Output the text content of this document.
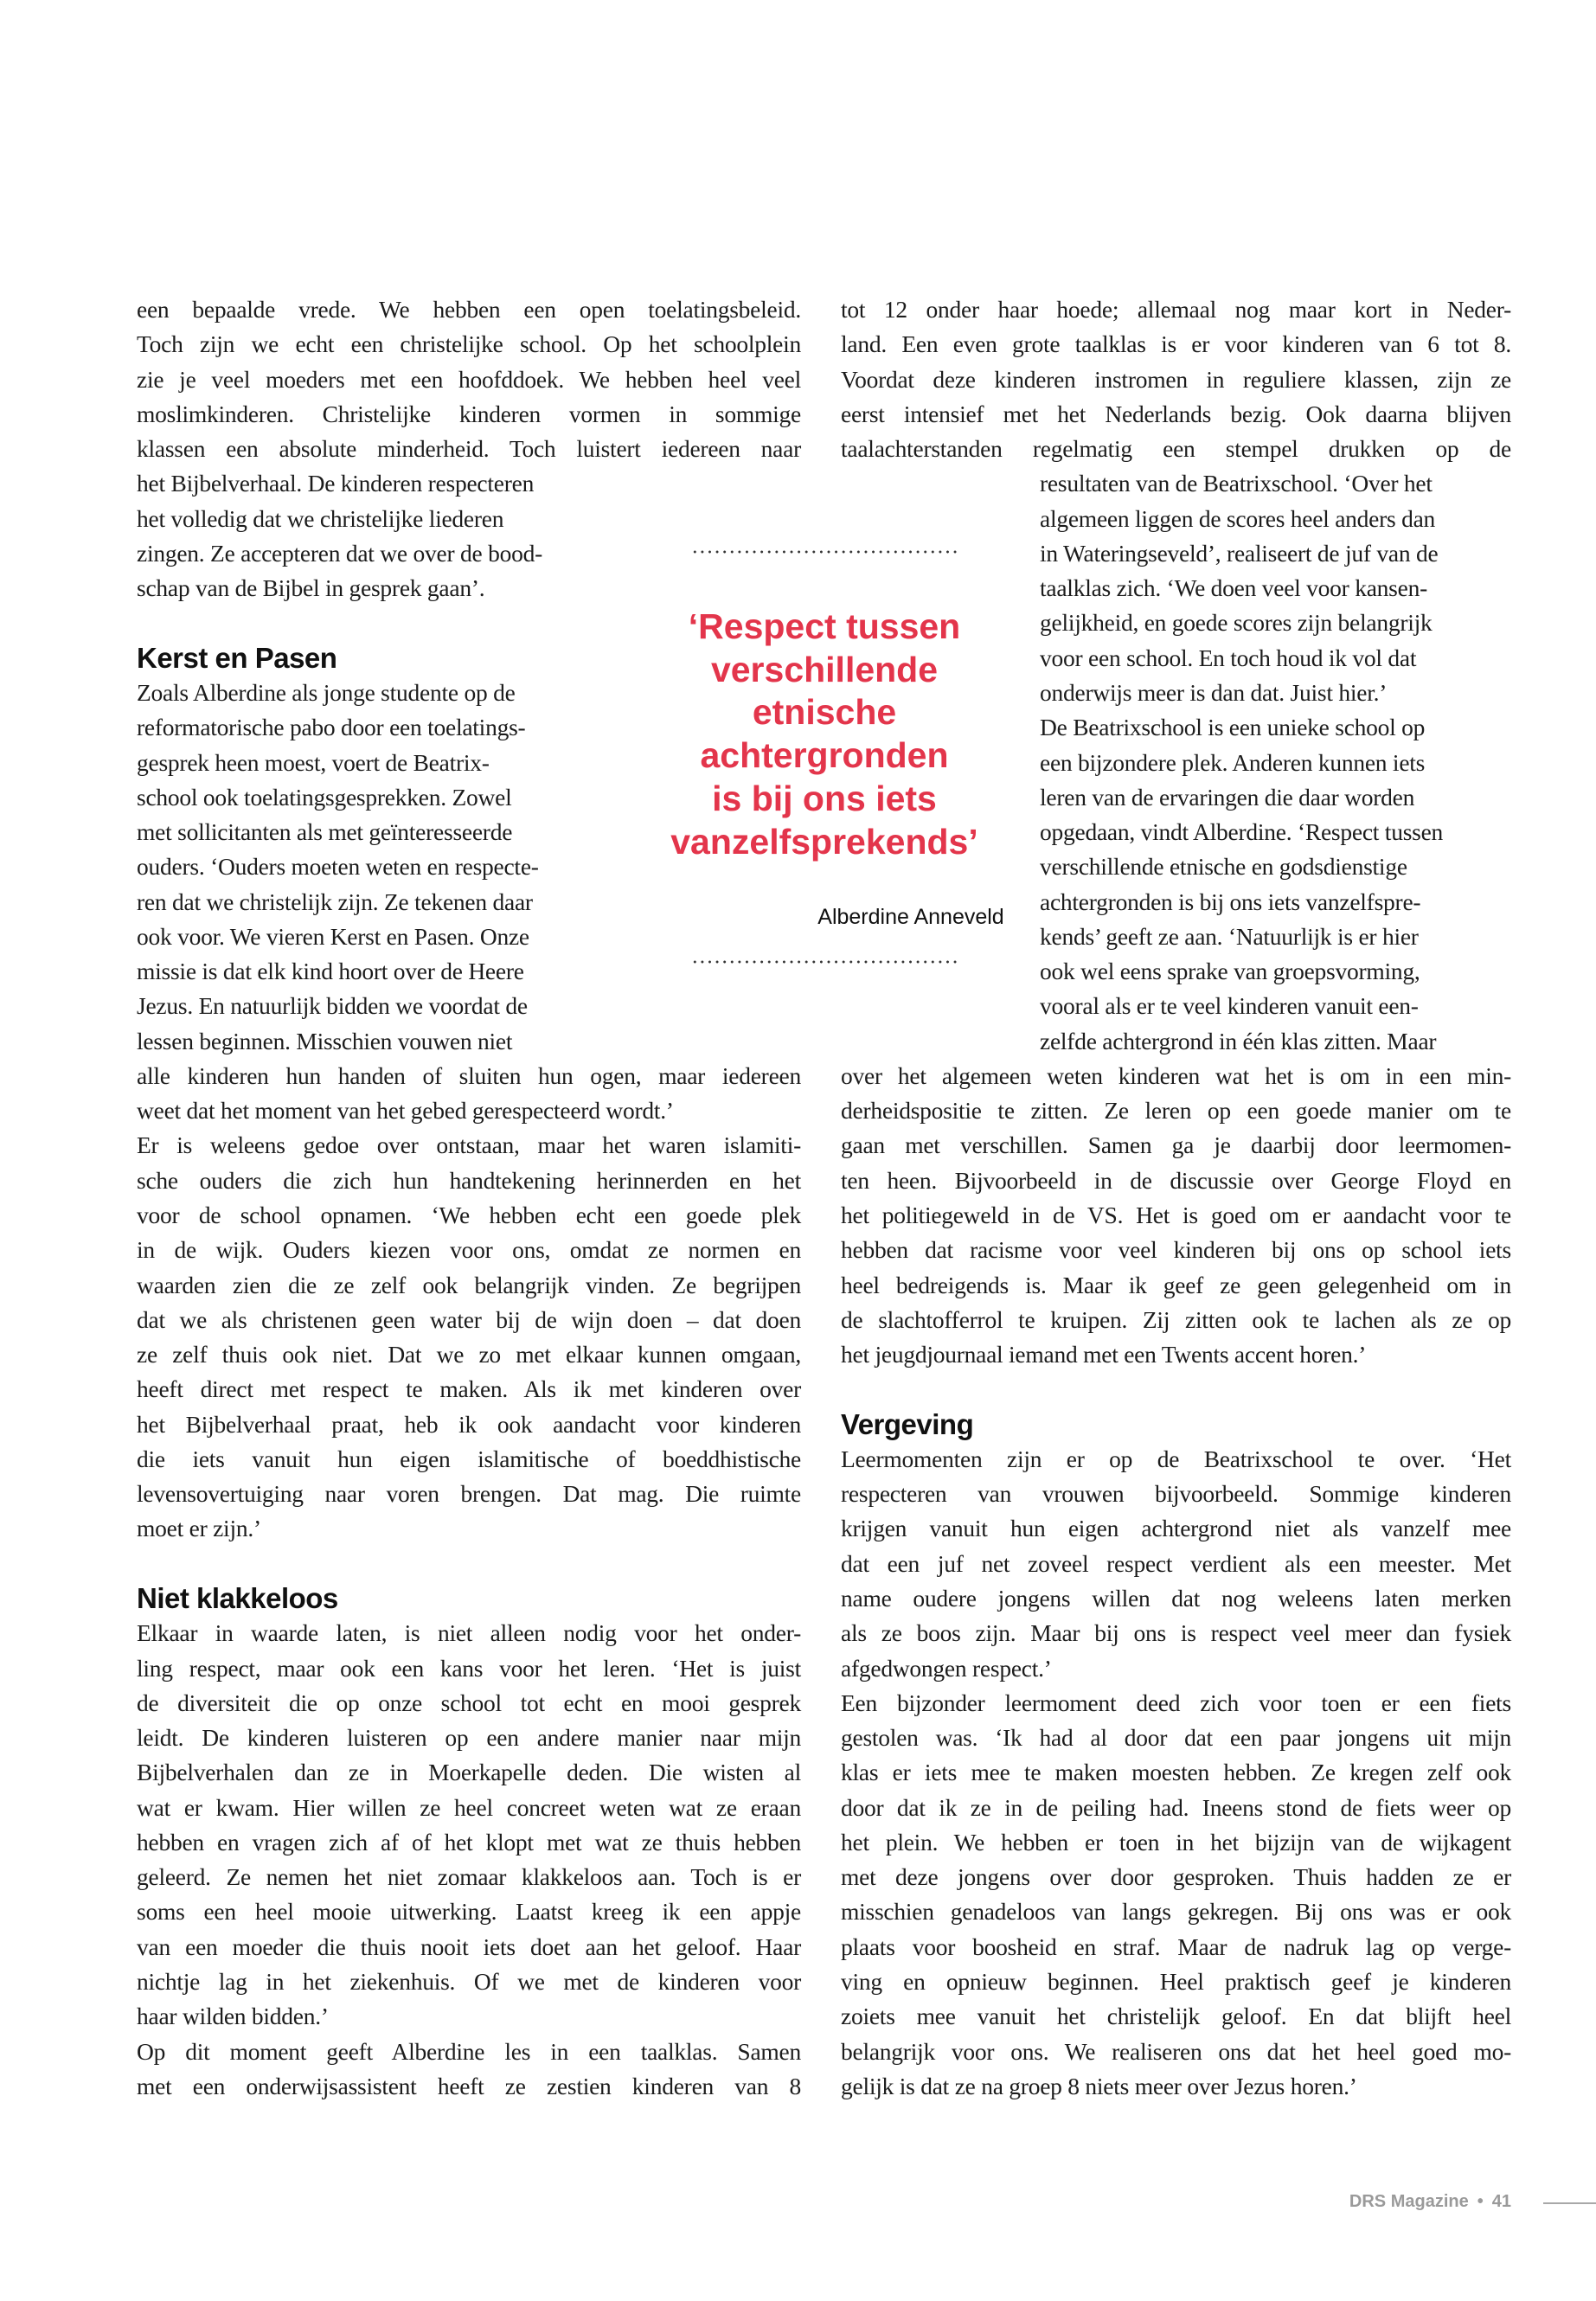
een bepaalde vrede. We hebben een open toelatingsbeleid.
Toch zijn we echt een christelijke school. Op het schoolplein
zie je veel moeders met een hoofddoek. We hebben heel veel
moslimkinderen. Christelijke kinderen vormen in sommige
klassen een absolute minderheid. Toch luistert iedereen naar
het Bijbelverhaal. De kinderen respecteren
het volledig dat we christelijke liederen
zingen. Ze accepteren dat we over de bood-
schap van de Bijbel in gesprek gaan’.
Kerst en Pasen
Zoals Alberdine als jonge studente op de
reformatorische pabo door een toelatings-
gesprek heen moest, voert de Beatrix-
school ook toelatingsgesprekken. Zowel
met sollicitanten als met geïnteresseerde
ouders. ‘Ouders moeten weten en respecte-
ren dat we christelijk zijn. Ze tekenen daar
ook voor. We vieren Kerst en Pasen. Onze
missie is dat elk kind hoort over de Heere
Jezus. En natuurlijk bidden we voordat de
lessen beginnen. Misschien vouwen niet
alle kinderen hun handen of sluiten hun ogen, maar iedereen
weet dat het moment van het gebed gerespecteerd wordt.’
Er is weleens gedoe over ontstaan, maar het waren islamiti-
sche ouders die zich hun handtekening herinnerden en het
voor de school opnamen. ‘We hebben echt een goede plek
in de wijk. Ouders kiezen voor ons, omdat ze normen en
waarden zien die ze zelf ook belangrijk vinden. Ze begrijpen
dat we als christenen geen water bij de wijn doen – dat doen
ze zelf thuis ook niet. Dat we zo met elkaar kunnen omgaan,
heeft direct met respect te maken. Als ik met kinderen over
het Bijbelverhaal praat, heb ik ook aandacht voor kinderen
die iets vanuit hun eigen islamitische of boeddhistische
levensovertuiging naar voren brengen. Dat mag. Die ruimte
moet er zijn.’
Niet klakkeloos
Elkaar in waarde laten, is niet alleen nodig voor het onder-
ling respect, maar ook een kans voor het leren. ‘Het is juist
de diversiteit die op onze school tot echt en mooi gesprek
leidt. De kinderen luisteren op een andere manier naar mijn
Bijbelverhalen dan ze in Moerkapelle deden. Die wisten al
wat er kwam. Hier willen ze heel concreet weten wat ze eraan
hebben en vragen zich af of het klopt met wat ze thuis hebben
geleerd. Ze nemen het niet zomaar klakkeloos aan. Toch is er
soms een heel mooie uitwerking. Laatst kreeg ik een appje
van een moeder die thuis nooit iets doet aan het geloof. Haar
nichtje lag in het ziekenhuis. Of we met de kinderen voor
haar wilden bidden.’
Op dit moment geeft Alberdine les in een taalklas. Samen
met een onderwijsassistent heeft ze zestien kinderen van 8
tot 12 onder haar hoede; allemaal nog maar kort in Neder-
land. Een even grote taalklas is er voor kinderen van 6 tot 8.
Voordat deze kinderen instromen in reguliere klassen, zijn ze
eerst intensief met het Nederlands bezig. Ook daarna blijven
taalachterstanden regelmatig een stempel drukken op de
resultaten van de Beatrixschool. ‘Over het
algemeen liggen de scores heel anders dan
in Wateringseveld’, realiseert de juf van de
taalklas zich. ‘We doen veel voor kansen-
gelijkheid, en goede scores zijn belangrijk
voor een school. En toch houd ik vol dat
onderwijs meer is dan dat. Juist hier.’
De Beatrixschool is een unieke school op
een bijzondere plek. Anderen kunnen iets
leren van de ervaringen die daar worden
opgedaan, vindt Alberdine. ‘Respect tussen
verschillende etnische en godsdienstige
achtergronden is bij ons iets vanzelfspre-
kends’ geeft ze aan. ‘Natuurlijk is er hier
ook wel eens sprake van groepsvorming,
vooral als er te veel kinderen vanuit een-
zelfde achtergrond in één klas zitten. Maar
over het algemeen weten kinderen wat het is om in een min-
derheidspositie te zitten. Ze leren op een goede manier om te
gaan met verschillen. Samen ga je daarbij door leermomen-
ten heen. Bijvoorbeeld in de discussie over George Floyd en
het politiegeweld in de VS. Het is goed om er aandacht voor te
hebben dat racisme voor veel kinderen bij ons op school iets
heel bedreigends is. Maar ik geef ze geen gelegenheid om in
de slachtofferrol te kruipen. Zij zitten ook te lachen als ze op
het jeugdjournaal iemand met een Twents accent horen.’
Vergeving
Leermomenten zijn er op de Beatrixschool te over. ‘Het
respecteren van vrouwen bijvoorbeeld. Sommige kinderen
krijgen vanuit hun eigen achtergrond niet als vanzelf mee
dat een juf net zoveel respect verdient als een meester. Met
name oudere jongens willen dat nog weleens laten merken
als ze boos zijn. Maar bij ons is respect veel meer dan fysiek
afgedwongen respect.’
Een bijzonder leermoment deed zich voor toen er een fiets
gestolen was. ‘Ik had al door dat een paar jongens uit mijn
klas er iets mee te maken moesten hebben. Ze kregen zelf ook
door dat ik ze in de peiling had. Ineens stond de fiets weer op
het plein. We hebben er toen in het bijzijn van de wijkagent
met deze jongens over door gesproken. Thuis hadden ze er
misschien genadeloos van langs gekregen. Bij ons was er ook
plaats voor boosheid en straf. Maar de nadruk lag op verge-
ving en opnieuw beginnen. Heel praktisch geef je kinderen
zoiets mee vanuit het christelijk geloof. En dat blijft heel
belangrijk voor ons. We realiseren ons dat het heel goed mo-
gelijk is dat ze na groep 8 niets meer over Jezus horen.’
‘Respect tussen
verschillende
etnische
achtergronden
is bij ons iets
vanzelfsprekends’
Alberdine Anneveld
DRS Magazine • 41
